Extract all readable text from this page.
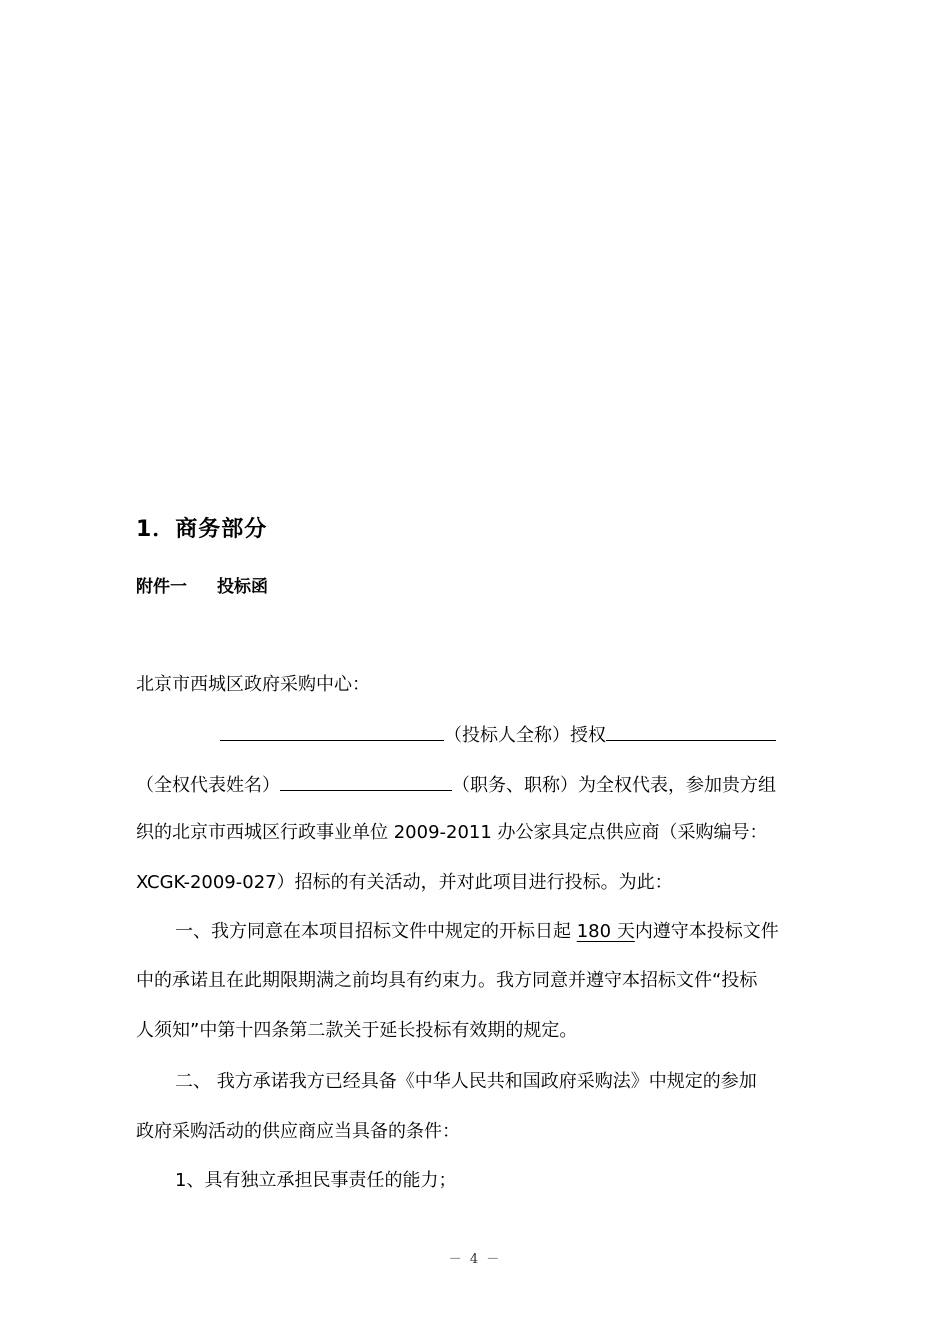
1．商务部分
附件一 投标函
北京市西城区政府采购中心：
（投标人全称）授权
（全权代表姓名）	（职务、职称）为全权代表，参加贵方组
织的北京市西城区行政事业单位 2009-2011 办公家具定点供应商（采购编号：
XCGK-2009-027）招标的有关活动，并对此项目进行投标。为此：
一、我方同意在本项目招标文件中规定的开标日起 180 天内遵守本投标文件
中的承诺且在此期限期满之前均具有约束力。我方同意并遵守本招标文件“投标
人须知”中第十四条第二款关于延长投标有效期的规定。
二、 我方承诺我方已经具备《中华人民共和国政府采购法》中规定的参加
政府采购活动的供应商应当具备的条件：
1、具有独立承担民事责任的能力；
－ 4 －
